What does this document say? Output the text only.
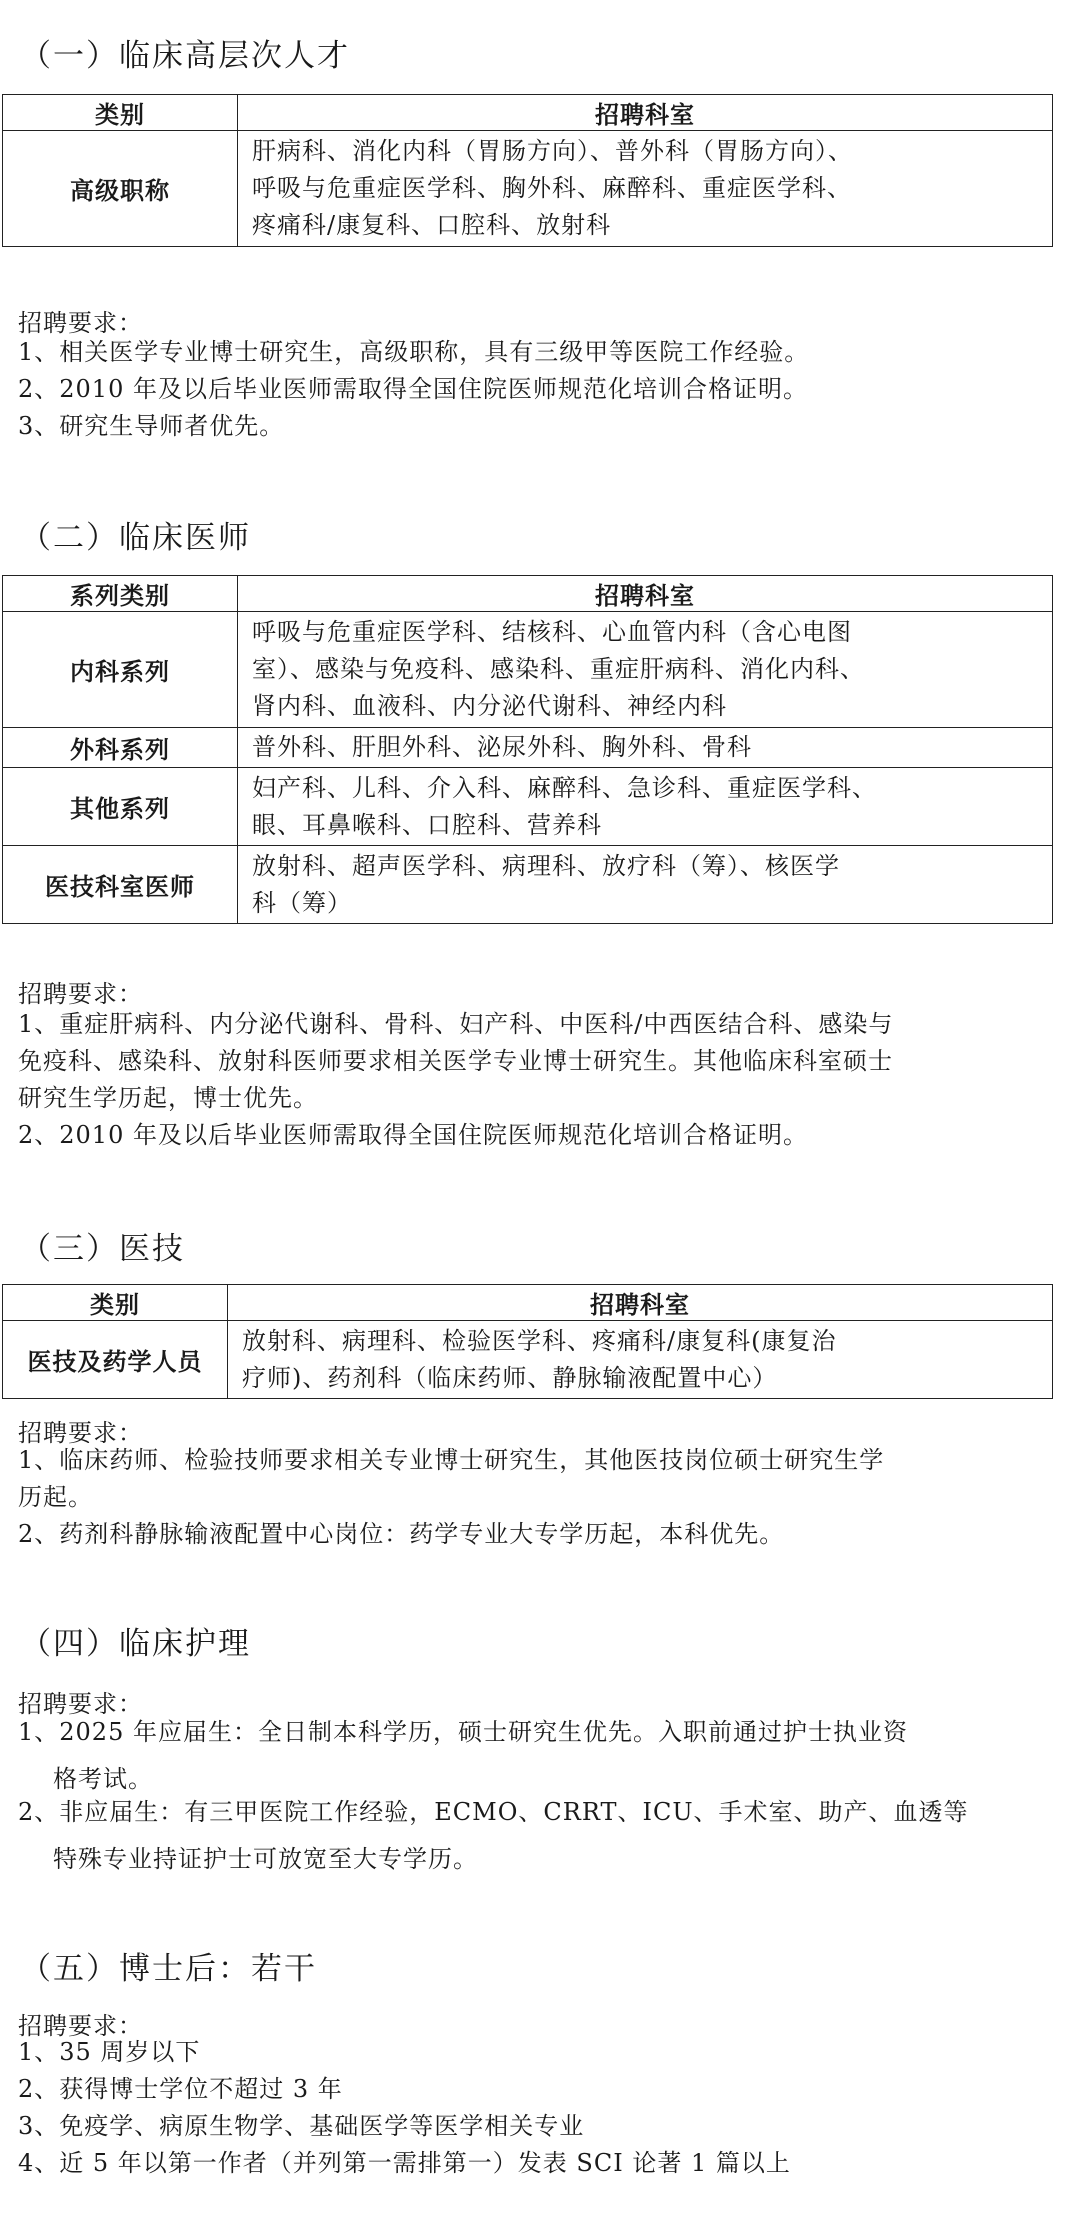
（一）临床高层次人才
类别	招聘科室
高级职称	肝病科、消化内科（胃肠方向）、普外科（胃肠方向）、
呼吸与危重症医学科、胸外科、麻醉科、重症医学科、
疼痛科/康复科、口腔科、放射科
招聘要求：
1、相关医学专业博士研究生，高级职称，具有三级甲等医院工作经验。
2、2010 年及以后毕业医师需取得全国住院医师规范化培训合格证明。
3、研究生导师者优先。
（二）临床医师
系列类别	招聘科室
内科系列	呼吸与危重症医学科、结核科、心血管内科（含心电图
室）、感染与免疫科、感染科、重症肝病科、消化内科、
肾内科、血液科、内分泌代谢科、神经内科

外科系列	普外科、肝胆外科、泌尿外科、胸外科、骨科

其他系列	妇产科、儿科、介入科、麻醉科、急诊科、重症医学科、
眼、耳鼻喉科、口腔科、营养科

医技科室医师	放射科、超声医学科、病理科、放疗科（筹）、核医学
科（筹）
招聘要求：
1、重症肝病科、内分泌代谢科、骨科、妇产科、中医科/中西医结合科、感染与
免疫科、感染科、放射科医师要求相关医学专业博士研究生。其他临床科室硕士
研究生学历起，博士优先。
2、2010 年及以后毕业医师需取得全国住院医师规范化培训合格证明。
（三）医技
类别	招聘科室
医技及药学人员	放射科、病理科、检验医学科、疼痛科/康复科(康复治
疗师)、药剂科（临床药师、静脉输液配置中心）
招聘要求：
1、临床药师、检验技师要求相关专业博士研究生，其他医技岗位硕士研究生学
历起。
2、药剂科静脉输液配置中心岗位：药学专业大专学历起，本科优先。
（四）临床护理
招聘要求：
1、2025 年应届生：全日制本科学历，硕士研究生优先。入职前通过护士执业资
格考试。
2、非应届生：有三甲医院工作经验，ECMO、CRRT、ICU、手术室、助产、血透等
特殊专业持证护士可放宽至大专学历。
（五）博士后：若干
招聘要求：
1、35 周岁以下
2、获得博士学位不超过 3 年
3、免疫学、病原生物学、基础医学等医学相关专业
4、近 5 年以第一作者（并列第一需排第一）发表 SCI 论著 1 篇以上
